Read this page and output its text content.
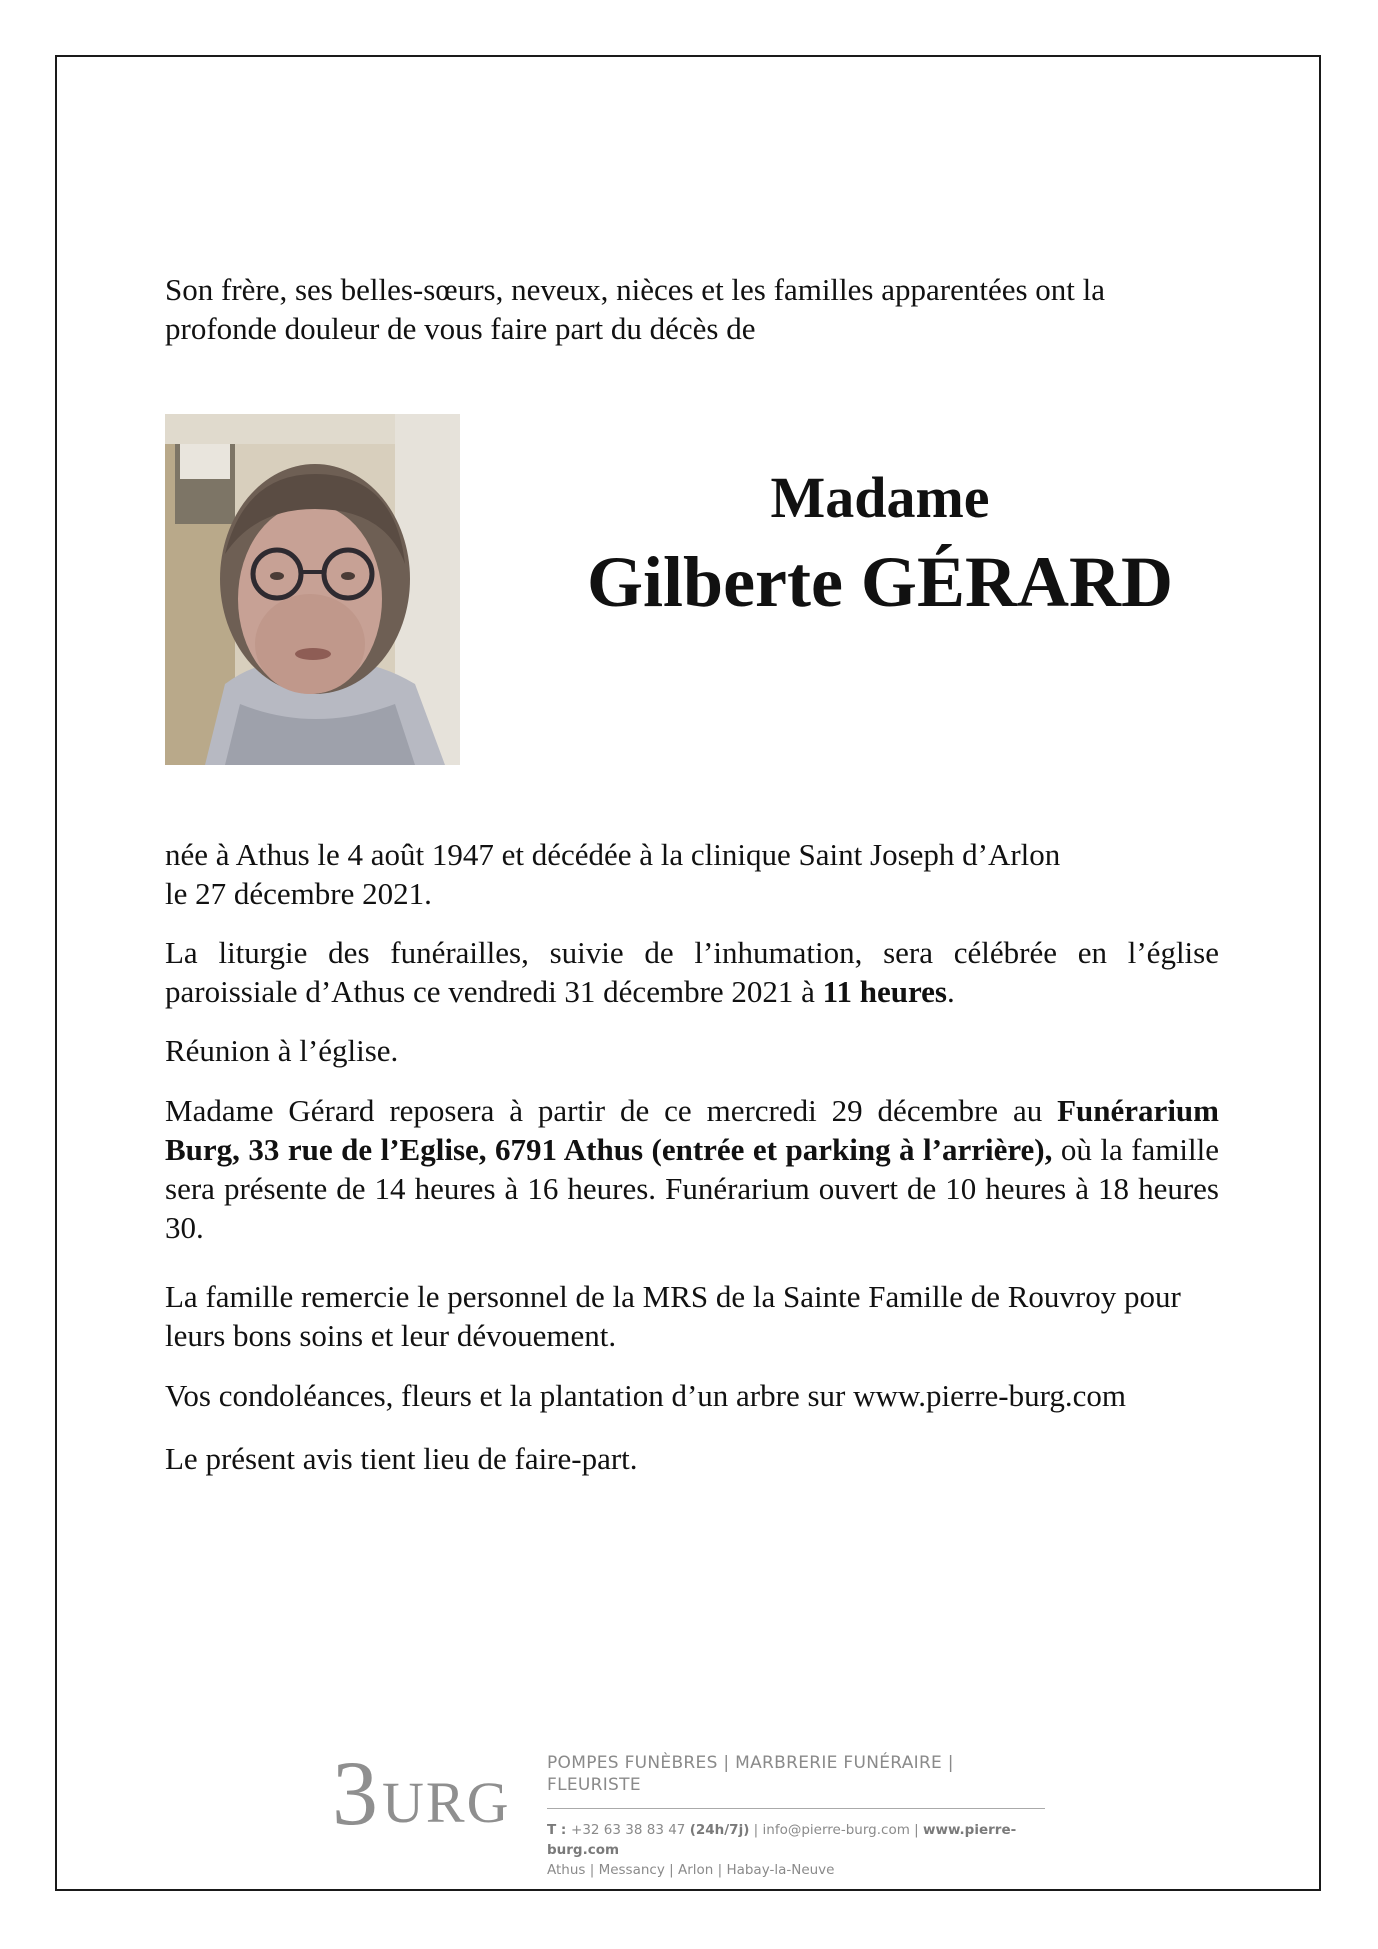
Son frère, ses belles-sœurs, neveux, nièces et les familles apparentées ont la
profonde douleur de vous faire part du décès de
Madame
Gilberte GÉRARD
née à Athus le 4 août 1947 et décédée à la clinique Saint Joseph d’Arlon
le 27 décembre 2021.
La liturgie des funérailles, suivie de l’inhumation, sera célébrée en l’église paroissiale d’Athus ce vendredi 31 décembre 2021 à 11 heures.
Réunion à l’église.
Madame Gérard reposera à partir de ce mercredi 29 décembre au Funérarium Burg, 33 rue de l’Eglise, 6791 Athus (entrée et parking à l’arrière), où la famille sera présente de 14 heures à 16 heures. Funérarium ouvert de 10 heures à 18 heures 30.
La famille remercie le personnel de la MRS de la Sainte Famille de Rouvroy pour
leurs bons soins et leur dévouement.
Vos condoléances, fleurs et la plantation d’un arbre sur www.pierre-burg.com
Le présent avis tient lieu de faire-part.
3 URG
POMPES FUNÈBRES | MARBRERIE FUNÉRAIRE | FLEURISTE
T : +32 63 38 83 47 (24h/7j) | info@pierre-burg.com | www.pierre-burg.com
Athus | Messancy | Arlon | Habay-la-Neuve
